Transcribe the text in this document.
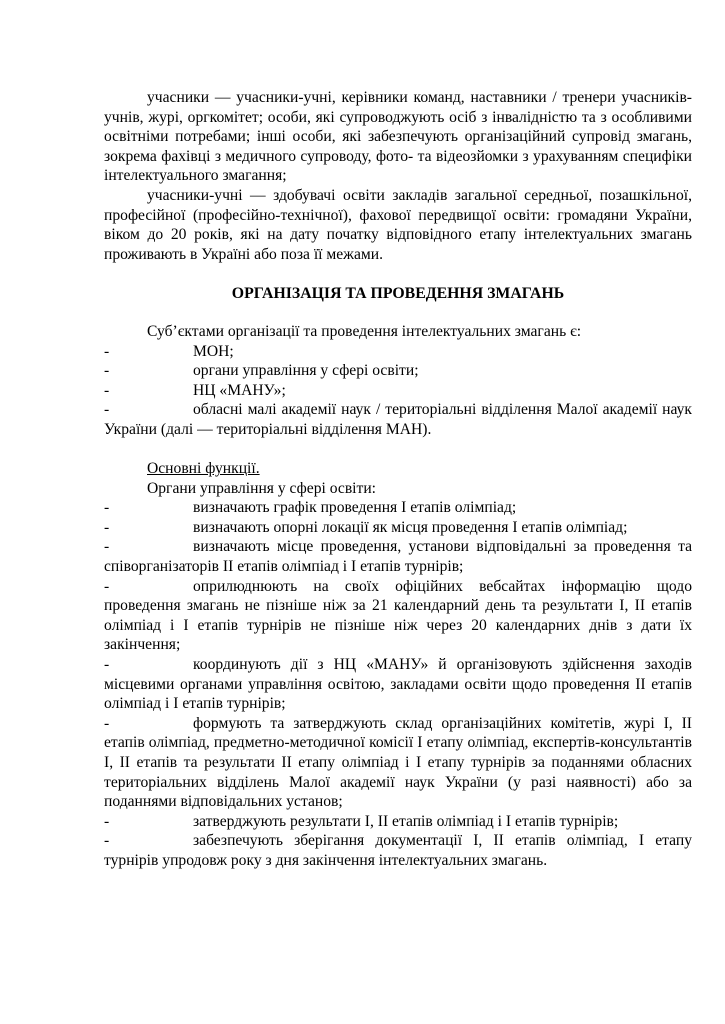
учасники — учасники-учні, керівники команд, наставники / тренери учасників-учнів, журі, оргкомітет; особи, які супроводжують осіб з інвалідністю та з особливими освітніми потребами; інші особи, які забезпечують організаційний супровід змагань, зокрема фахівці з медичного супроводу, фото- та відеозйомки з урахуванням специфіки інтелектуального змагання;

учасники-учні — здобувачі освіти закладів загальної середньої, позашкільної, професійної (професійно-технічної), фахової передвищої освіти: громадяни України, віком до 20 років, які на дату початку відповідного етапу інтелектуальних змагань проживають в Україні або поза її межами.

ОРГАНІЗАЦІЯ ТА ПРОВЕДЕННЯ ЗМАГАНЬ

Суб’єктами організації та проведення інтелектуальних змагань є:

-	МОН;
-	органи управління у сфері освіти;
-	НЦ «МАНУ»;
-	обласні малі академії наук / територіальні відділення Малої академії наук України (далі — територіальні відділення МАН).

Основні функції.

Органи управління у сфері освіти:

-	визначають графік проведення І етапів олімпіад;
-	визначають опорні локації як місця проведення І етапів олімпіад;
-	визначають місце проведення, установи відповідальні за проведення та співорганізаторів ІІ етапів олімпіад і І етапів турнірів;
-	оприлюднюють на своїх офіційних вебсайтах інформацію щодо проведення змагань не пізніше ніж за 21 календарний день та результати І, ІІ етапів олімпіад і І етапів турнірів не пізніше ніж через 20 календарних днів з дати їх закінчення;
-	координують дії з НЦ «МАНУ» й організовують здійснення заходів місцевими органами управління освітою, закладами освіти щодо проведення ІІ етапів олімпіад і І етапів турнірів;
-	формують та затверджують склад організаційних комітетів, журі І, ІІ етапів олімпіад, предметно-методичної комісії І етапу олімпіад, експертів-консультантів І, ІІ етапів та результати ІІ етапу олімпіад і І етапу турнірів за поданнями обласних територіальних відділень Малої академії наук України (у разі наявності) або за поданнями відповідальних установ;
-	затверджують результати І, ІІ етапів олімпіад і І етапів турнірів;
-	забезпечують зберігання документації І, ІІ етапів олімпіад, І етапу турнірів упродовж року з дня закінчення інтелектуальних змагань.
